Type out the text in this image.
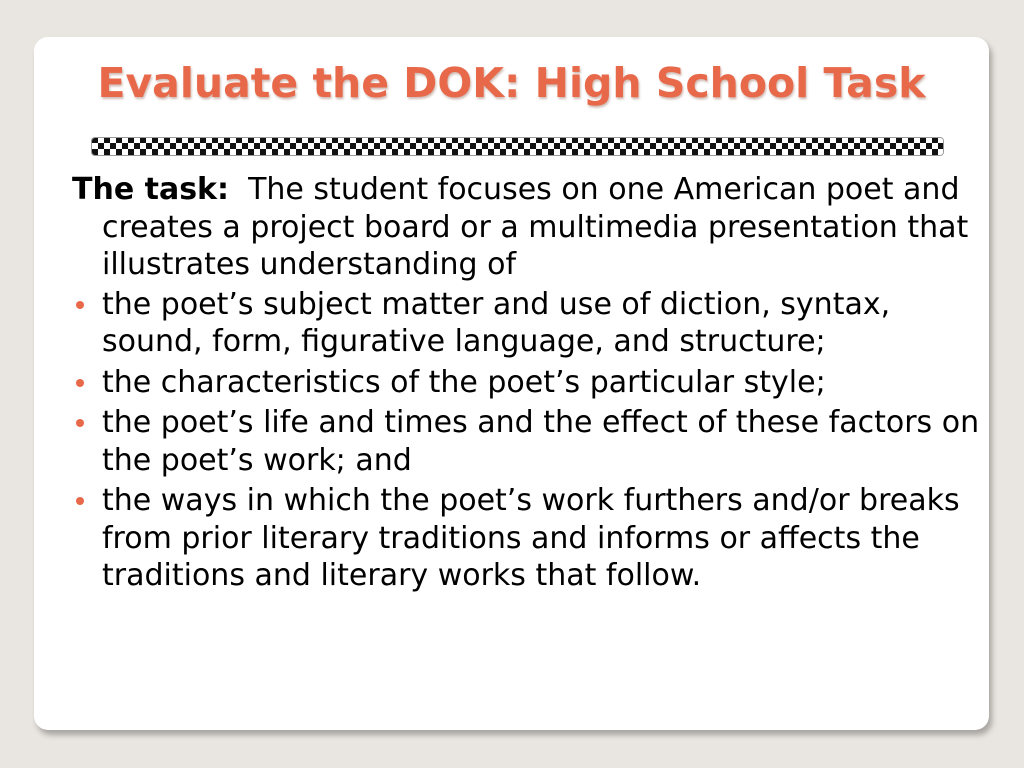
Evaluate the DOK: High School Task

The task: The student focuses on one American poet and creates a project board or a multimedia presentation that illustrates understanding of

the poet’s subject matter and use of diction, syntax, sound, form, figurative language, and structure;
the characteristics of the poet’s particular style;
the poet’s life and times and the effect of these factors on the poet’s work; and
the ways in which the poet’s work furthers and/or breaks from prior literary traditions and informs or affects the traditions and literary works that follow.
